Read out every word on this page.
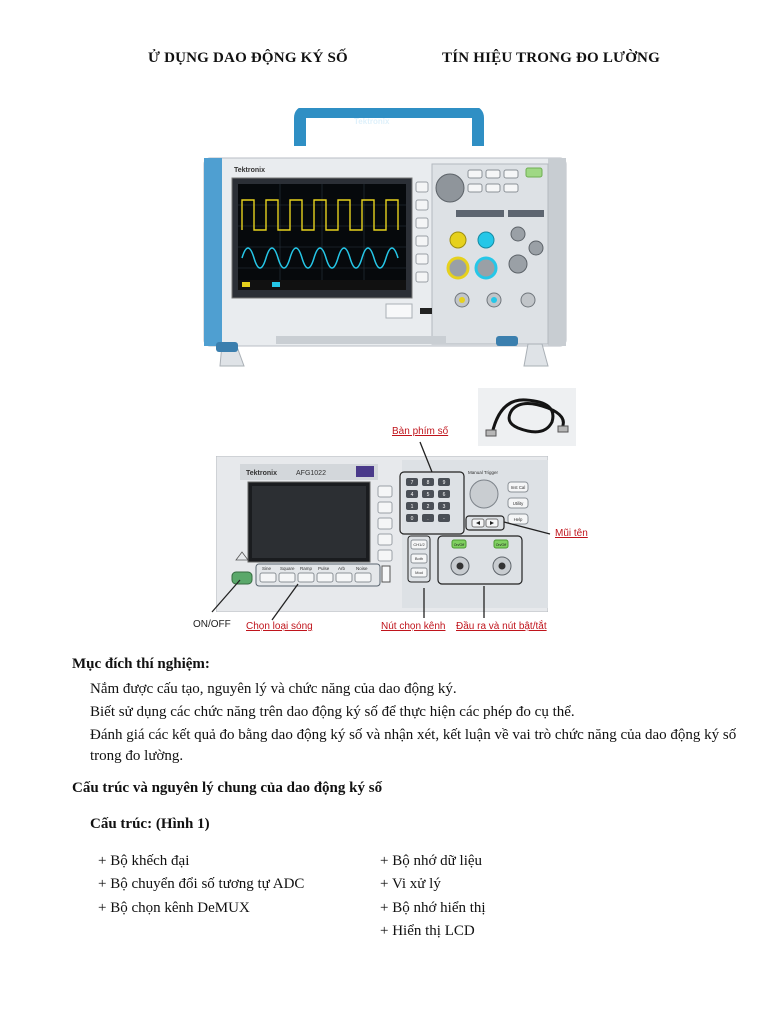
Ử DỤNG DAO ĐỘNG KÝ SỐ	TÍN HIỆU TRONG ĐO LƯỜNG
Tektronix
Tektronix
Tektronix	AFG1022
Sine Square Ramp Pulse Arb Noise
7	8	9
4	5	6
1	2	3
0	.	-
Manual Trigger
Inst Cal
Utility
Help
CH1/2
Both
Mod
On/Off	On/Off
Bàn phím số
Mũi tên
ON/OFF Chọn loại sóng	Nút chọn kênh Đầu ra và nút bật/tắt
Mục đích thí nghiệm:
Nắm được cấu tạo, nguyên lý và chức năng của dao động ký.
Biết sử dụng các chức năng trên dao động ký số để thực hiện các phép đo cụ thể.
Đánh giá các kết quả đo bằng dao động ký số và nhận xét, kết luận về vai trò chức năng của dao động ký số trong đo lường.
Cấu trúc và nguyên lý chung của dao động ký số
Cấu trúc: (Hình 1)
+ Bộ khếch đại
+ Bộ chuyển đổi số tương tự ADC
+ Bộ chọn kênh DeMUX
+ Bộ nhớ dữ liệu
+ Vi xử lý
+ Bộ nhớ hiển thị
+ Hiển thị LCD
